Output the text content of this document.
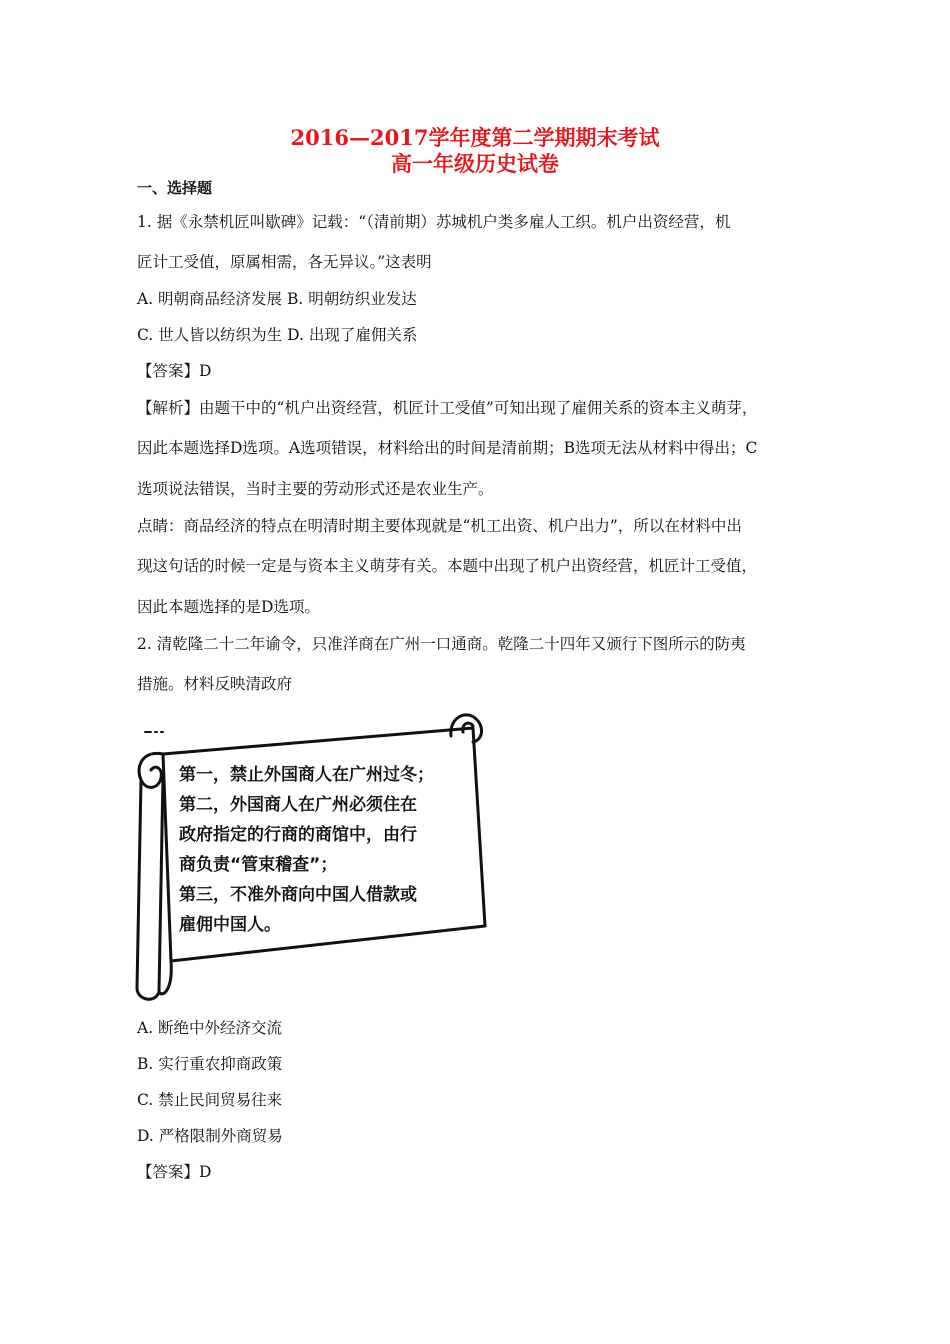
2016—2017学年度第二学期期末考试
高一年级历史试卷
一、选择题
1. 据《永禁机匠叫歇碑》记载：“（清前期）苏城机户类多雇人工织。机户出资经营，机
匠计工受值，原属相需，各无异议。”这表明
A. 明朝商品经济发展 B. 明朝纺织业发达
C. 世人皆以纺织为生 D. 出现了雇佣关系
【答案】D
【解析】由题干中的“机户出资经营，机匠计工受值”可知出现了雇佣关系的资本主义萌芽，
因此本题选择D选项。A选项错误，材料给出的时间是清前期；B选项无法从材料中得出；C
选项说法错误，当时主要的劳动形式还是农业生产。
点睛：商品经济的特点在明清时期主要体现就是“机工出资、机户出力”，所以在材料中出
现这句话的时候一定是与资本主义萌芽有关。本题中出现了机户出资经营，机匠计工受值，
因此本题选择的是D选项。
2. 清乾隆二十二年谕令，只准洋商在广州一口通商。乾隆二十四年又颁行下图所示的防夷
措施。材料反映清政府
第一，禁止外国商人在广州过冬；
第二，外国商人在广州必须住在
政府指定的行商的商馆中，由行
商负责“管束稽查”；
第三，不准外商向中国人借款或
雇佣中国人。
A. 断绝中外经济交流
B. 实行重农抑商政策
C. 禁止民间贸易往来
D. 严格限制外商贸易
【答案】D
